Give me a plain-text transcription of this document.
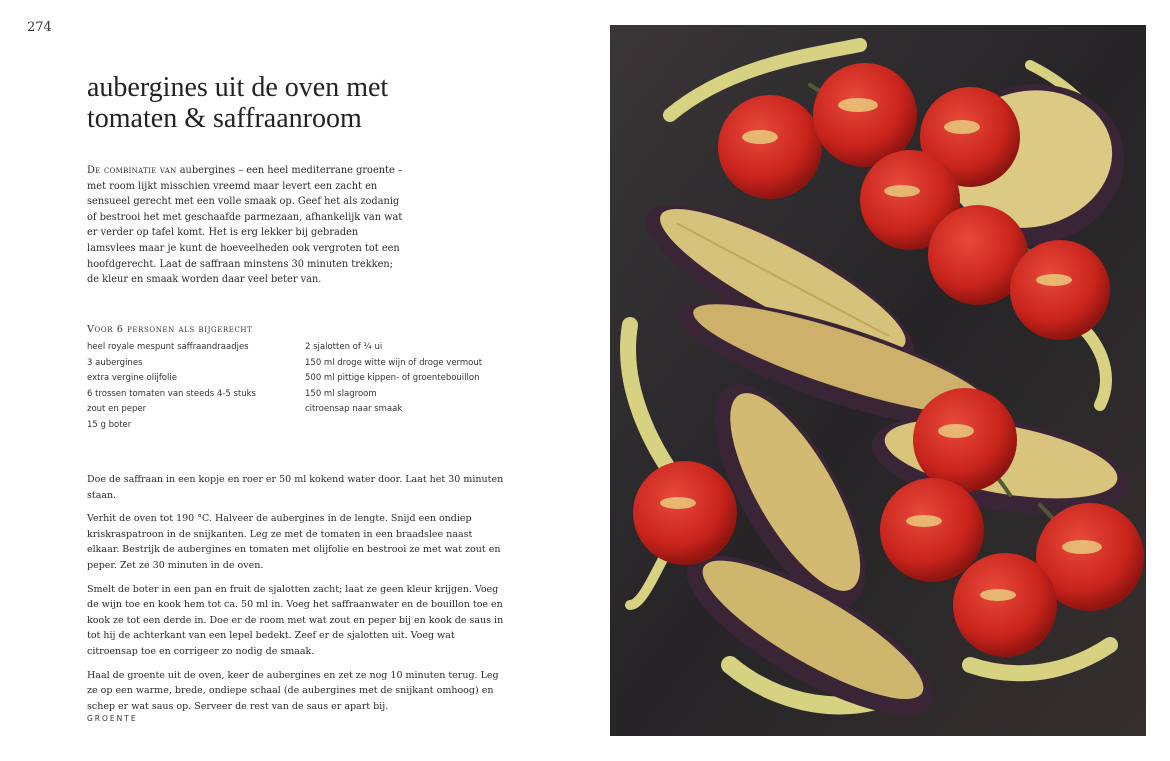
274
aubergines uit de oven met
tomaten & saffraanroom

De combinatie van aubergines – een heel mediterrane groente – met room lijkt misschien vreemd maar levert een zacht en sensueel gerecht met een volle smaak op. Geef het als zodanig of bestrooi het met geschaafde parmezaan, afhankelijk van wat er verder op tafel komt. Het is erg lekker bij gebraden lamsvlees maar je kunt de hoeveelheden ook vergroten tot een hoofdgerecht. Laat de saffraan minstens 30 minuten trekken; de kleur en smaak worden daar veel beter van.

Voor 6 personen als bijgerecht
heel royale mespunt saffraandraadjes
3 aubergines
extra vergine olijfolie
6 trossen tomaten van steeds 4-5 stuks
zout en peper
15 g boter
2 sjalotten of ¼ ui
150 ml droge witte wijn of droge vermout
500 ml pittige kippen- of groentebouillon
150 ml slagroom
citroensap naar smaak

Doe de saffraan in een kopje en roer er 50 ml kokend water door. Laat het 30 minuten staan.

Verhit de oven tot 190 °C. Halveer de aubergines in de lengte. Snijd een ondiep kriskraspatroon in de snijkanten. Leg ze met de tomaten in een braadslee naast elkaar. Bestrijk de aubergines en tomaten met olijfolie en bestrooi ze met wat zout en peper. Zet ze 30 minuten in de oven.

Smelt de boter in een pan en fruit de sjalotten zacht; laat ze geen kleur krijgen. Voeg de wijn toe en kook hem tot ca. 50 ml in. Voeg het saffraanwater en de bouillon toe en kook ze tot een derde in. Doe er de room met wat zout en peper bij en kook de saus in tot hij de achterkant van een lepel bedekt. Zeef er de sjalotten uit. Voeg wat citroensap toe en corrigeer zo nodig de smaak.

Haal de groente uit de oven, keer de aubergines en zet ze nog 10 minuten terug. Leg ze op een warme, brede, ondiepe schaal (de aubergines met de snijkant omhoog) en schep er wat saus op. Serveer de rest van de saus er apart bij.

GROENTE
